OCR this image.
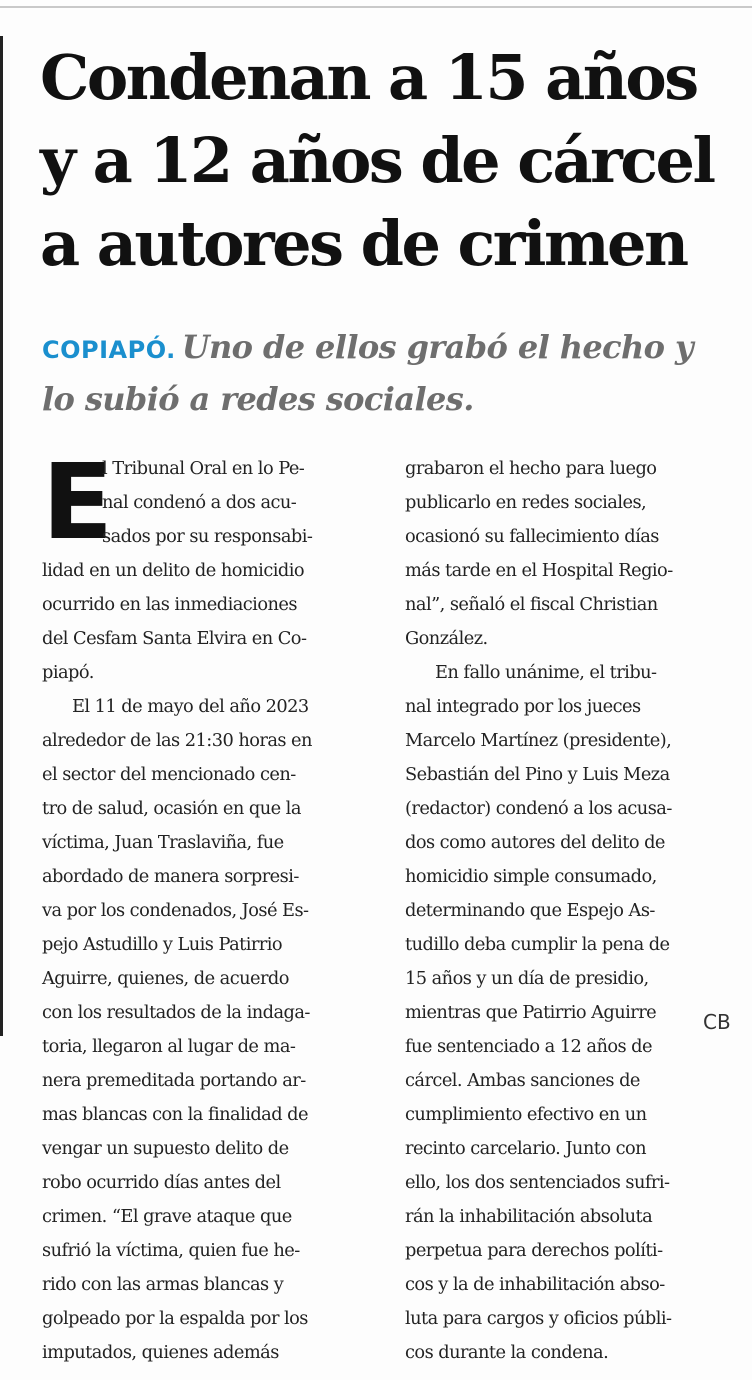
Condenan a 15 años
y a 12 años de cárcel
a autores de crimen
COPIAPÓ. Uno de ellos grabó el hecho y
lo subió a redes sociales.
E
l Tribunal Oral en lo Pe-
nal condenó a dos acu-
sados por su responsabi-
lidad en un delito de homicidio
ocurrido en las inmediaciones
del Cesfam Santa Elvira en Co-
piapó.
El 11 de mayo del año 2023
alrededor de las 21:30 horas en
el sector del mencionado cen-
tro de salud, ocasión en que la
víctima, Juan Traslaviña, fue
abordado de manera sorpresi-
va por los condenados, José Es-
pejo Astudillo y Luis Patirrio
Aguirre, quienes, de acuerdo
con los resultados de la indaga-
toria, llegaron al lugar de ma-
nera premeditada portando ar-
mas blancas con la finalidad de
vengar un supuesto delito de
robo ocurrido días antes del
crimen. “El grave ataque que
sufrió la víctima, quien fue he-
rido con las armas blancas y
golpeado por la espalda por los
imputados, quienes además
grabaron el hecho para luego
publicarlo en redes sociales,
ocasionó su fallecimiento días
más tarde en el Hospital Regio-
nal”, señaló el fiscal Christian
González.
En fallo unánime, el tribu-
nal integrado por los jueces
Marcelo Martínez (presidente),
Sebastián del Pino y Luis Meza
(redactor) condenó a los acusa-
dos como autores del delito de
homicidio simple consumado,
determinando que Espejo As-
tudillo deba cumplir la pena de
15 años y un día de presidio,
mientras que Patirrio Aguirre
fue sentenciado a 12 años de
cárcel. Ambas sanciones de
cumplimiento efectivo en un
recinto carcelario. Junto con
ello, los dos sentenciados sufri-
rán la inhabilitación absoluta
perpetua para derechos políti-
cos y la de inhabilitación abso-
luta para cargos y oficios públi-
cos durante la condena.
CB
